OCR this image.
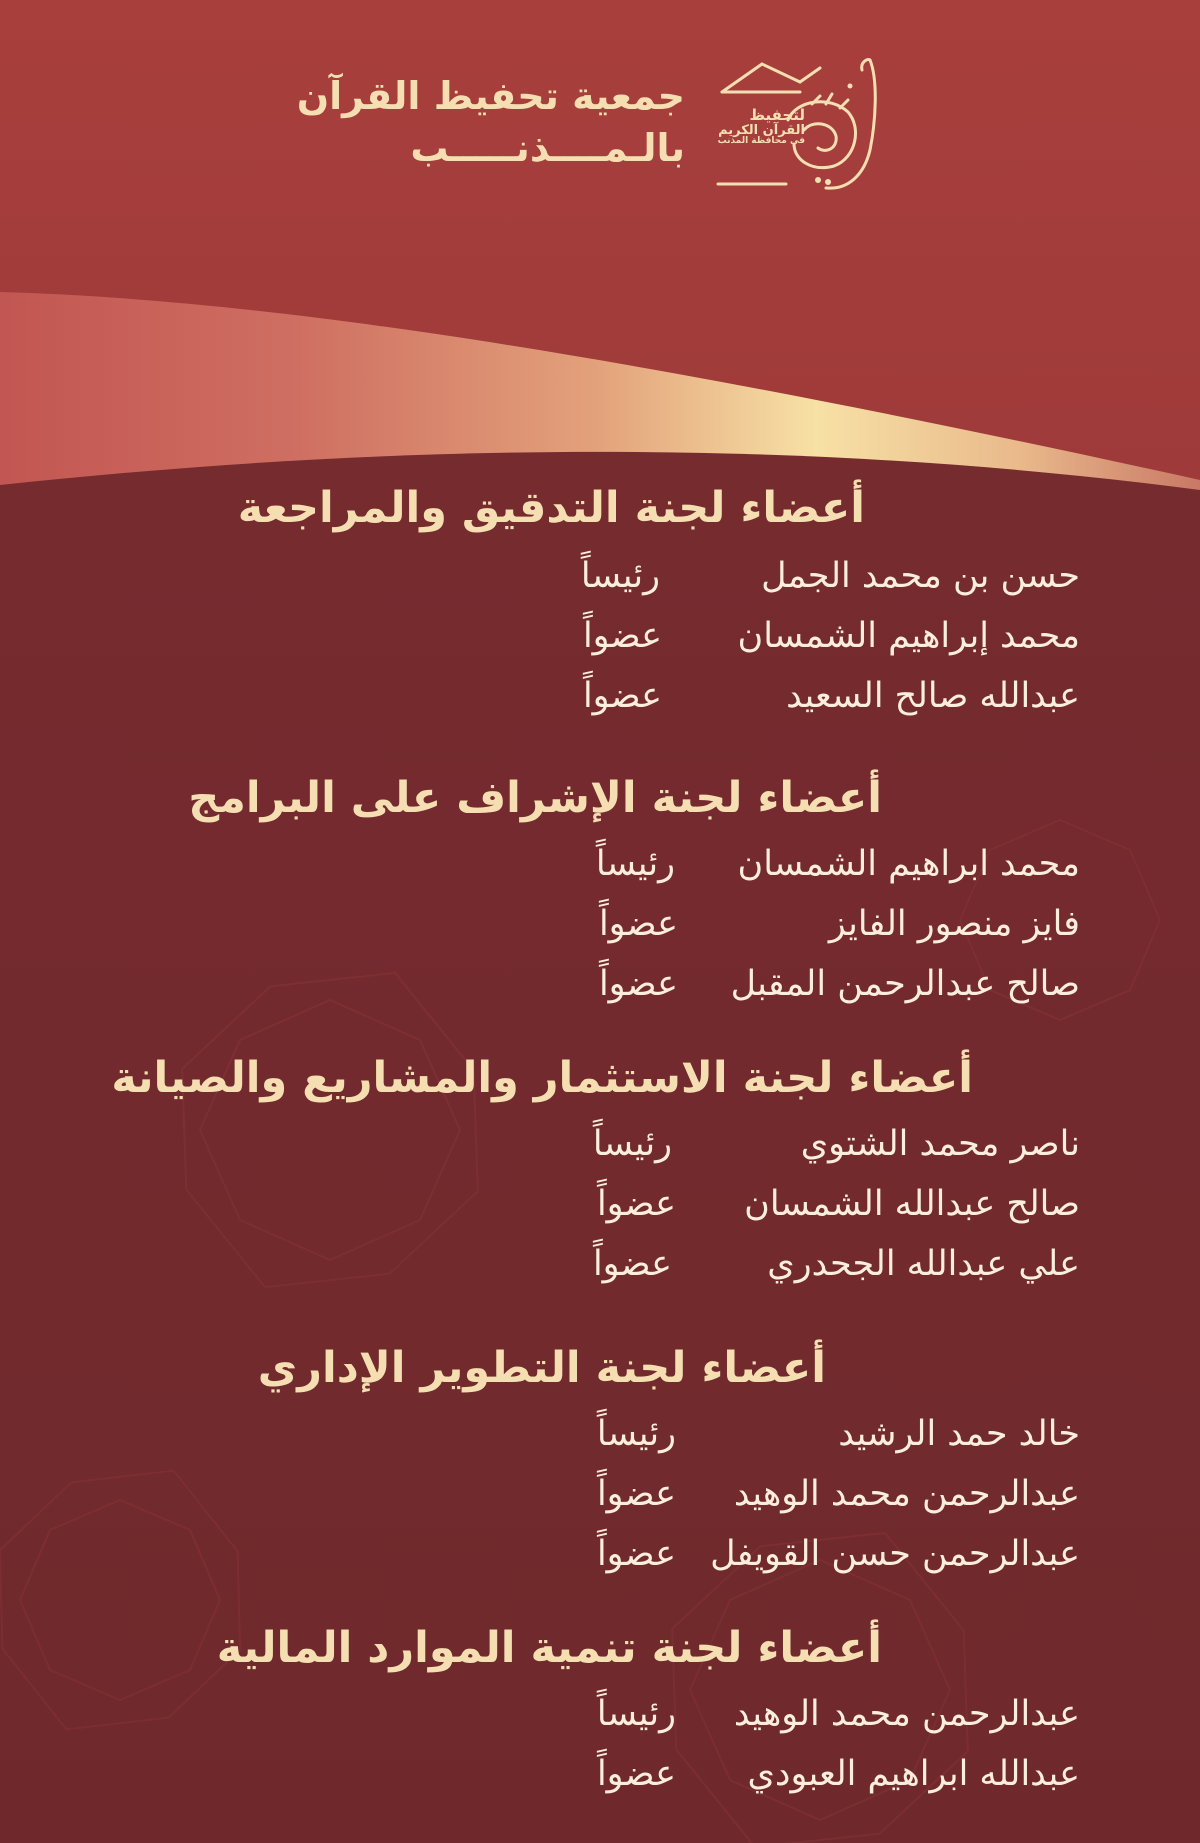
جمعية تحفيظ القرآن
بالـمــــذنـــــب
لتحفيظ
القرآن الكريم
في محافظة المذنب
أعضاء لجنة التدقيق والمراجعة
حسن بن محمد الجمل
رئيساً
محمد إبراهيم الشمسان
عضواً
عبدالله صالح السعيد
عضواً
أعضاء لجنة الإشراف على البرامج
محمد ابراهيم الشمسان
رئيساً
فايز منصور الفايز
عضواً
صالح عبدالرحمن المقبل
عضواً
أعضاء لجنة الاستثمار والمشاريع والصيانة
ناصر محمد الشتوي
رئيساً
صالح عبدالله الشمسان
عضواً
علي عبدالله الجحدري
عضواً
أعضاء لجنة التطوير الإداري
خالد حمد الرشيد
رئيساً
عبدالرحمن محمد الوهيد
عضواً
عبدالرحمن حسن القويفل
عضواً
أعضاء لجنة تنمية الموارد المالية
عبدالرحمن محمد الوهيد
رئيساً
عبدالله ابراهيم العبودي
عضواً
